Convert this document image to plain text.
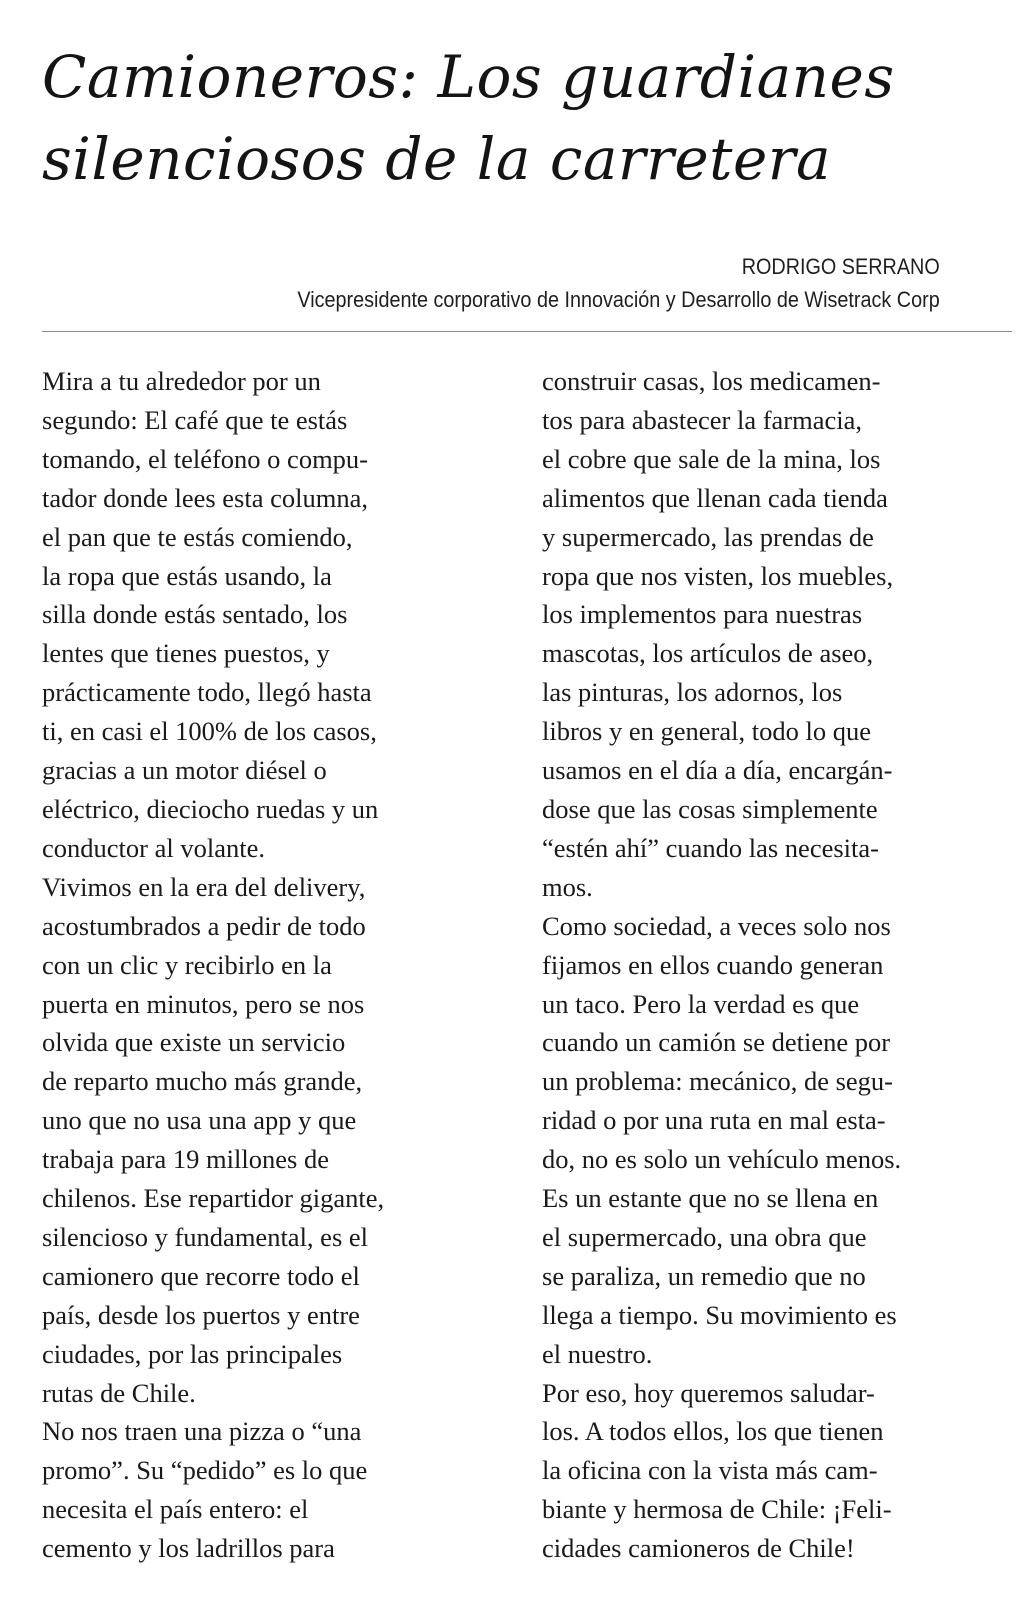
Camioneros: Los guardianes
silenciosos de la carretera
RODRIGO SERRANO
Vicepresidente corporativo de Innovación y Desarrollo de Wisetrack Corp
Mira a tu alrededor por un
segundo: El café que te estás
tomando, el teléfono o compu-
tador donde lees esta columna,
el pan que te estás comiendo,
la ropa que estás usando, la
silla donde estás sentado, los
lentes que tienes puestos, y
prácticamente todo, llegó hasta
ti, en casi el 100% de los casos,
gracias a un motor diésel o
eléctrico, dieciocho ruedas y un
conductor al volante.
Vivimos en la era del delivery,
acostumbrados a pedir de todo
con un clic y recibirlo en la
puerta en minutos, pero se nos
olvida que existe un servicio
de reparto mucho más grande,
uno que no usa una app y que
trabaja para 19 millones de
chilenos. Ese repartidor gigante,
silencioso y fundamental, es el
camionero que recorre todo el
país, desde los puertos y entre
ciudades, por las principales
rutas de Chile.
No nos traen una pizza o “una
promo”. Su “pedido” es lo que
necesita el país entero: el
cemento y los ladrillos para
construir casas, los medicamen-
tos para abastecer la farmacia,
el cobre que sale de la mina, los
alimentos que llenan cada tienda
y supermercado, las prendas de
ropa que nos visten, los muebles,
los implementos para nuestras
mascotas, los artículos de aseo,
las pinturas, los adornos, los
libros y en general, todo lo que
usamos en el día a día, encargán-
dose que las cosas simplemente
“estén ahí” cuando las necesita-
mos.
Como sociedad, a veces solo nos
fijamos en ellos cuando generan
un taco. Pero la verdad es que
cuando un camión se detiene por
un problema: mecánico, de segu-
ridad o por una ruta en mal esta-
do, no es solo un vehículo menos.
Es un estante que no se llena en
el supermercado, una obra que
se paraliza, un remedio que no
llega a tiempo. Su movimiento es
el nuestro.
Por eso, hoy queremos saludar-
los. A todos ellos, los que tienen
la oficina con la vista más cam-
biante y hermosa de Chile: ¡Feli-
cidades camioneros de Chile!
